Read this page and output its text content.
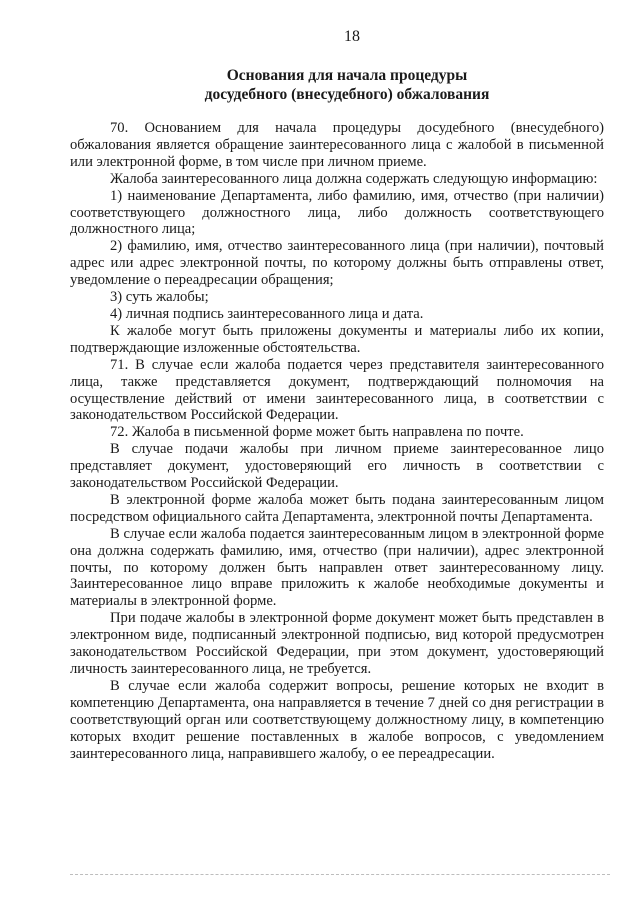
18
Основания для начала процедуры
досудебного (внесудебного) обжалования

70. Основанием для начала процедуры досудебного (внесудебного) обжалования является обращение заинтересованного лица с жалобой в письменной или электронной форме, в том числе при личном приеме.

Жалоба заинтересованного лица должна содержать следующую информацию:

1) наименование Департамента, либо фамилию, имя, отчество (при наличии) соответствующего должностного лица, либо должность соответствующего должностного лица;

2) фамилию, имя, отчество заинтересованного лица (при наличии), почтовый адрес или адрес электронной почты, по которому должны быть отправлены ответ, уведомление о переадресации обращения;

3) суть жалобы;

4) личная подпись заинтересованного лица и дата.

К жалобе могут быть приложены документы и материалы либо их копии, подтверждающие изложенные обстоятельства.

71. В случае если жалоба подается через представителя заинтересованного лица, также представляется документ, подтверждающий полномочия на осуществление действий от имени заинтересованного лица, в соответствии с законодательством Российской Федерации.

72. Жалоба в письменной форме может быть направлена по почте.

В случае подачи жалобы при личном приеме заинтересованное лицо представляет документ, удостоверяющий его личность в соответствии с законодательством Российской Федерации.

В электронной форме жалоба может быть подана заинтересованным лицом посредством официального сайта Департамента, электронной почты Департамента.

В случае если жалоба подается заинтересованным лицом в электронной форме она должна содержать фамилию, имя, отчество (при наличии), адрес электронной почты, по которому должен быть направлен ответ заинтересованному лицу. Заинтересованное лицо вправе приложить к жалобе необходимые документы и материалы в электронной форме.

При подаче жалобы в электронной форме документ может быть представлен в электронном виде, подписанный электронной подписью, вид которой предусмотрен законодательством Российской Федерации, при этом документ, удостоверяющий личность заинтересованного лица, не требуется.

В случае если жалоба содержит вопросы, решение которых не входит в компетенцию Департамента, она направляется в течение 7 дней со дня регистрации в соответствующий орган или соответствующему должностному лицу, в компетенцию которых входит решение поставленных в жалобе вопросов, с уведомлением заинтересованного лица, направившего жалобу, о ее переадресации.
